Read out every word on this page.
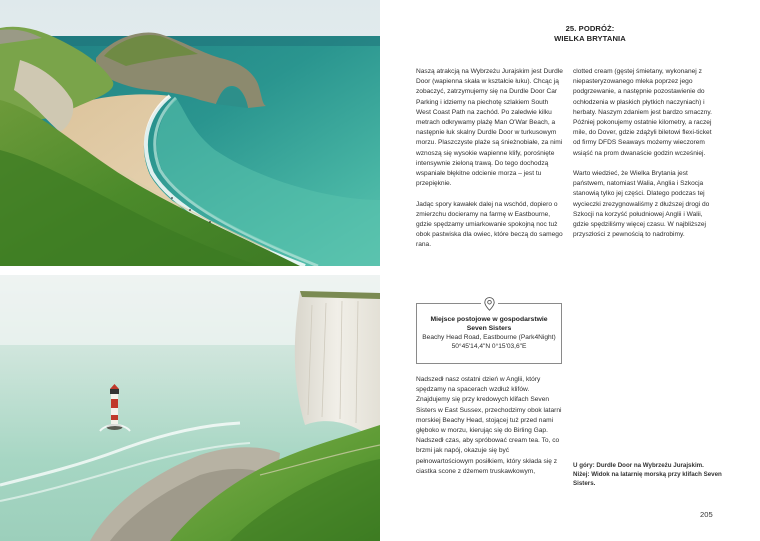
25. PODRÓŻ:
WIELKA BRYTANIA

Naszą atrakcją na Wybrzeżu Jurajskim jest Durdle Door (wapienna skała w kształcie łuku). Chcąc ją zobaczyć, zatrzymujemy się na Durdle Door Car Parking i idziemy na piechotę szlakiem South West Coast Path na zachód. Po zaledwie kilku metrach odkrywamy plażę Man O'War Beach, a następnie łuk skalny Durdle Door w turkusowym morzu. Plaszczyste plaże są śnieżnobiałe, za nimi wznoszą się wysokie wapienne klify, porośnięte intensywnie zieloną trawą. Do tego dochodzą wspaniałe błękitne odcienie morza – jest tu przepięknie.

Jadąc spory kawałek dalej na wschód, dopiero o zmierzchu docieramy na farmę w Eastbourne, gdzie spędzamy umiarkowanie spokojną noc tuż obok pastwiska dla owiec, które beczą do samego rana.

Miejsce postojowe w gospodarstwie
Seven Sisters
Beachy Head Road, Eastbourne (Park4Night)
50°45'14,4"N 0°15'03,6"E

Nadszedł nasz ostatni dzień w Anglii, który spędzamy na spacerach wzdłuż klifów. Znajdujemy się przy kredowych klifach Seven Sisters w East Sussex, przechodzimy obok latarni morskiej Beachy Head, stojącej tuż przed nami głęboko w morzu, kierując się do Birling Gap. Nadszedł czas, aby spróbować cream tea. To, co brzmi jak napój, okazuje się być pełnowartościowym posiłkiem, który składa się z ciastka scone z dżemem truskawkowym,

clotted cream (gęstej śmietany, wykonanej z niepasteryzowanego mleka poprzez jego podgrzewanie, a następnie pozostawienie do ochłodzenia w płaskich płytkich naczyniach) i herbaty. Naszym zdaniem jest bardzo smaczny. Później pokonujemy ostatnie kilometry, a raczej mile, do Dover, gdzie zdążyli biletowi flexi-ticket od firmy DFDS Seaways możemy wieczorem wsiąść na prom dwanaście godzin wcześniej.

Warto wiedzieć, że Wielka Brytania jest państwem, natomiast Walia, Anglia i Szkocja stanowią tylko jej części. Dlatego podczas tej wycieczki zrezygnowaliśmy z dłuższej drogi do Szkocji na korzyść południowej Anglii i Walii, gdzie spędziliśmy więcej czasu. W najbliższej przyszłości z pewnością to nadrobimy.

U góry: Durdle Door na Wybrzeżu Jurajskim.
Niżej: Widok na latarnię morską przy klifach Seven Sisters.
205
